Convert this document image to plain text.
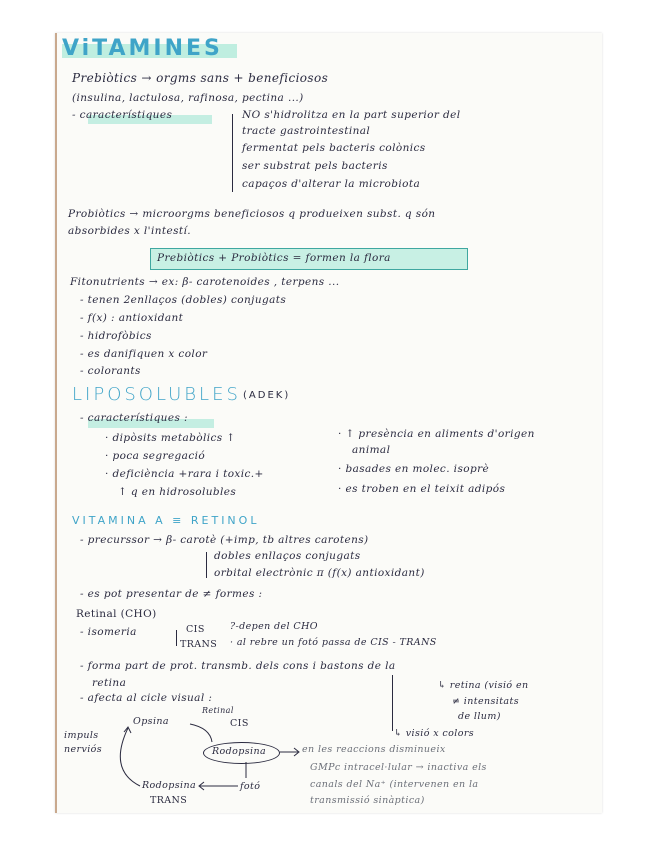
ViTAMINES
Prebiòtics → orgms sans + beneficiosos
(insulina, lactulosa, rafinosa, pectina ...)
- característiques	NO s'hidrolitza en la part superior del
tracte gastrointestinal
fermentat pels bacteris colònics
ser substrat pels bacteris
capaços d'alterar la microbiota
Probiòtics → microorgms beneficiosos q produeixen subst. q són
absorbides x l'intestí.
Prebiòtics + Probiòtics = formen la flora
Fitonutrients → ex: β- carotenoides , terpens ...
- tenen 2enllaços (dobles) conjugats
- f(x) : antioxidant
- hidrofòbics
- es danifiquen x color
- colorants
LIPOSOLUBLES (ADEK)
- característiques :
· dipòsits metabòlics ↑
· poca segregació
· deficiència +rara i toxic.+
↑ q en hidrosolubles
· ↑ presència en aliments d'origen
animal
· basades en molec. isoprè
· es troben en el teixit adipós
VITAMINA A ≡ RETINOL
- precurssor → β- carotè (+imp, tb altres carotens)
dobles enllaços conjugats
orbital electrònic π (f(x) antioxidant)
- es pot presentar de ≠ formes :
Retinal (CHO)
- isomeria	CIS
TRANS
?-depen del CHO
· al rebre un fotó passa de CIS - TRANS
- forma part de prot. transmb. dels cons i bastons de la
retina	↳ retina (visió en
≠ intensitats
de llum)
↳ visió x colors
- afecta al cicle visual :
impuls
nerviós
Opsina
Retinal
CIS
Rodopsina
Rodopsina
TRANS
fotó
en les reaccions disminueix
GMPc intracel·lular → inactiva els
canals del Na⁺ (intervenen en la
transmissió sinàptica)
